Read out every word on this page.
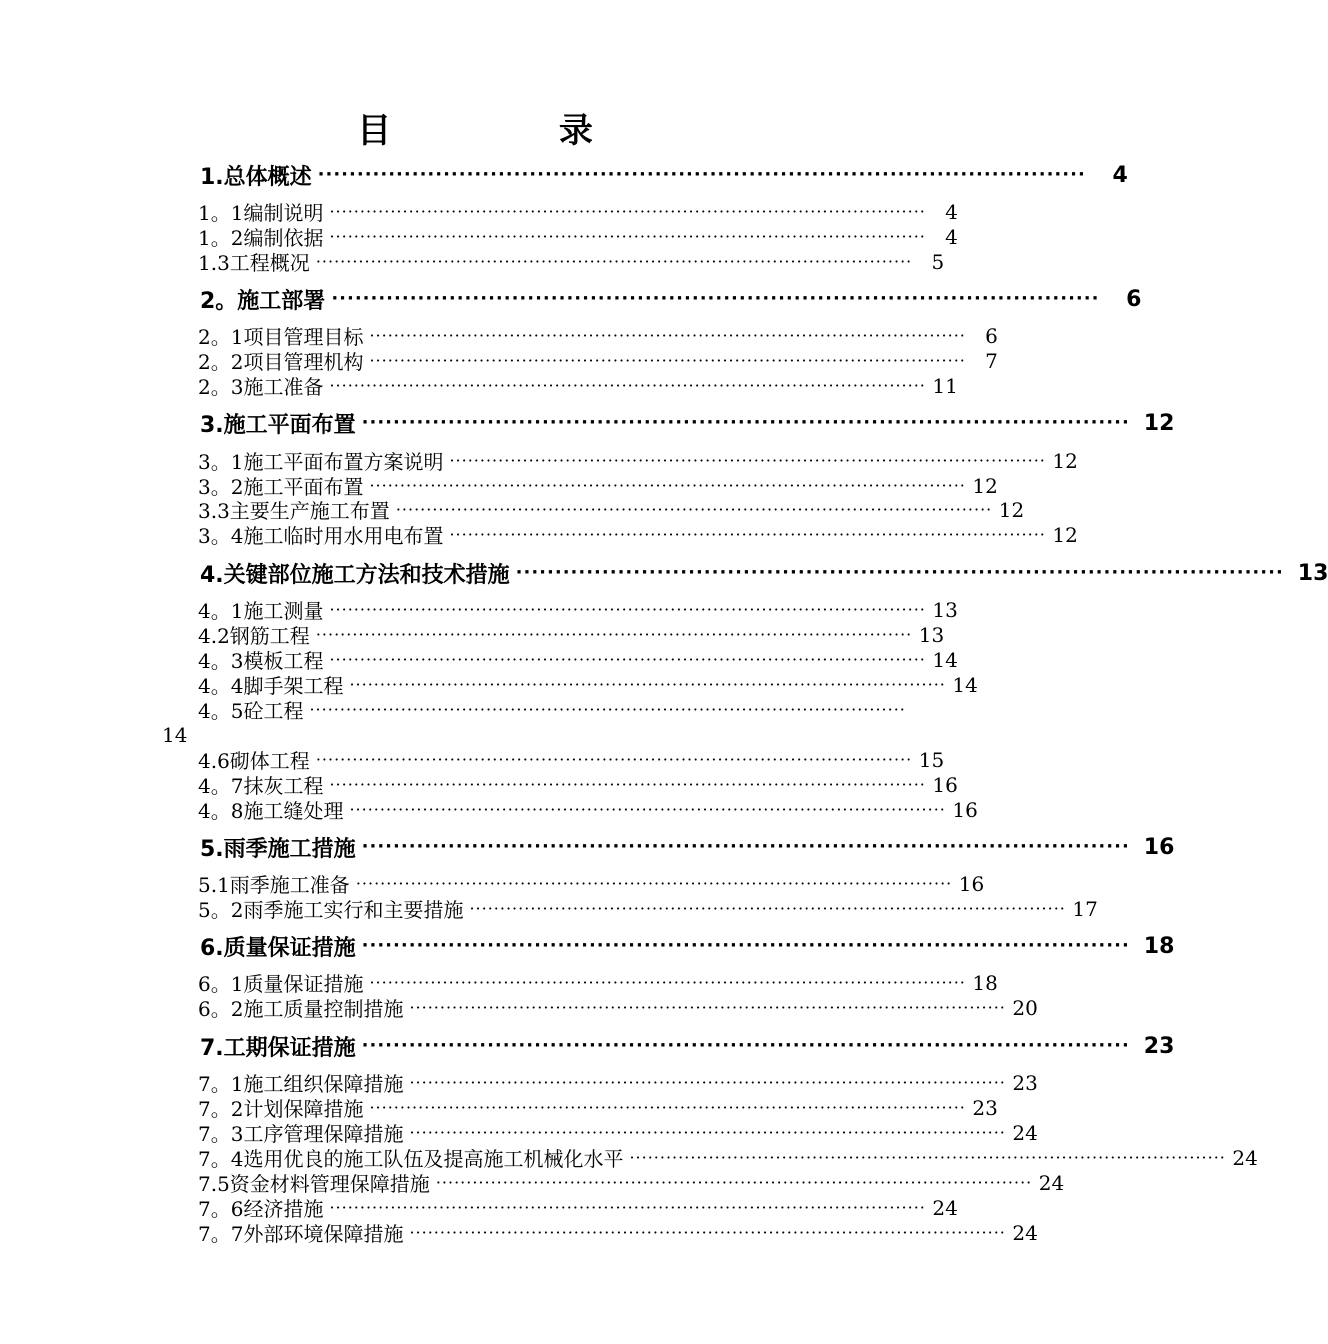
目 录
1.总体概述 ··································································································	4
1。1编制说明 ·································································································· 4
1。2编制依据 ·································································································· 4
1.3工程概况 ·································································································· 5
2。施工部署 ··································································································	6
2。1项目管理目标 ·································································································· 6
2。2项目管理机构 ·································································································· 7
2。3施工准备 ·································································································· 11
3.施工平面布置 ·································································································· 12
3。1施工平面布置方案说明 ·································································································· 12
3。2施工平面布置 ·································································································· 12
3.3主要生产施工布置 ·································································································· 12
3。4施工临时用水用电布置 ·································································································· 12
4.关键部位施工方法和技术措施 ·································································································· 13
4。1施工测量 ·································································································· 13
4.2钢筋工程 ·································································································· 13
4。3模板工程 ·································································································· 14
4。4脚手架工程 ·································································································· 14
4。5砼工程 ··································································································
14
4.6砌体工程 ·································································································· 15
4。7抹灰工程 ·································································································· 16
4。8施工缝处理 ·································································································· 16
5.雨季施工措施 ·································································································· 16
5.1雨季施工准备 ·································································································· 16
5。2雨季施工实行和主要措施 ·································································································· 17
6.质量保证措施 ·································································································· 18
6。1质量保证措施 ·································································································· 18
6。2施工质量控制措施 ·································································································· 20
7.工期保证措施 ·································································································· 23
7。1施工组织保障措施 ·································································································· 23
7。2计划保障措施 ·································································································· 23
7。3工序管理保障措施 ·································································································· 24
7。4选用优良的施工队伍及提高施工机械化水平 ·································································································· 24
7.5资金材料管理保障措施 ·································································································· 24
7。6经济措施 ·································································································· 24
7。7外部环境保障措施 ·································································································· 24
